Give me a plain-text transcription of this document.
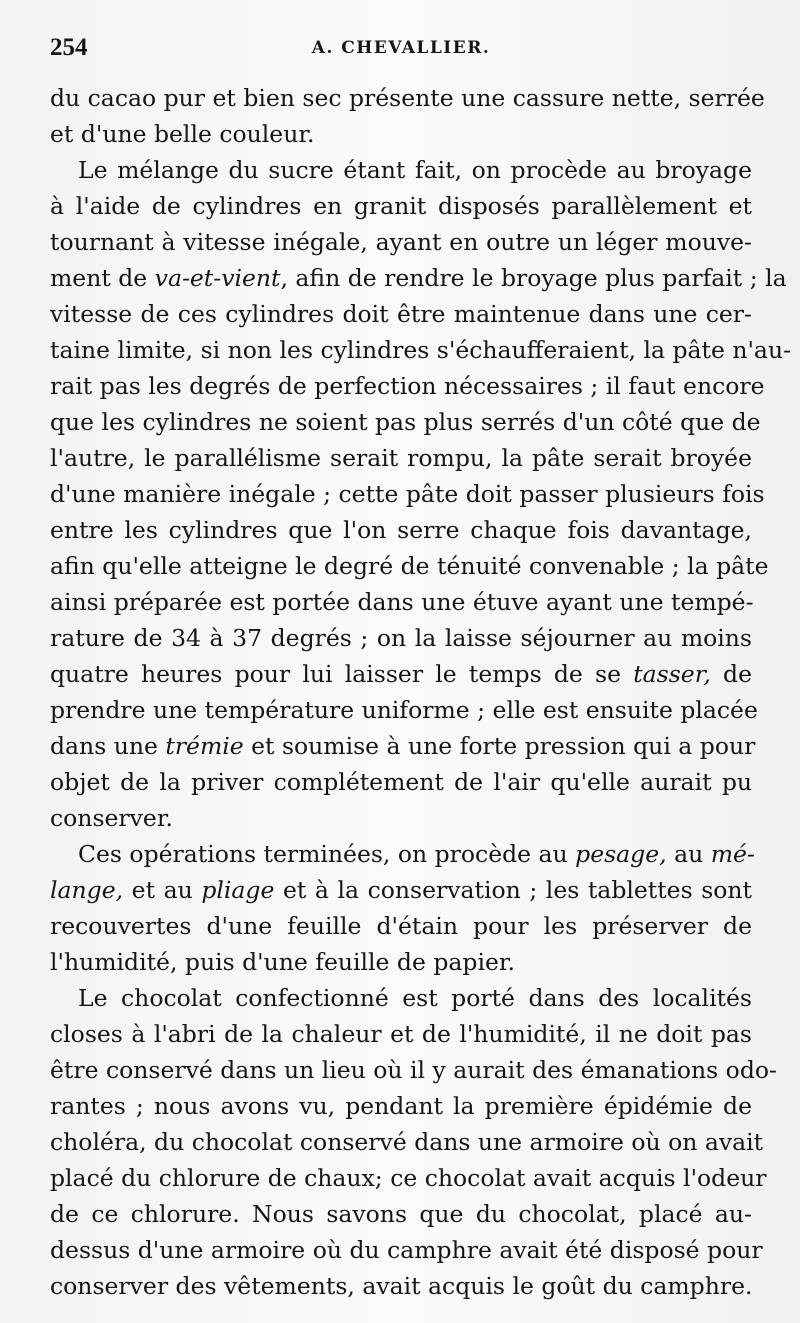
254	A. CHEVALLIER.
du cacao pur et bien sec présente une cassure nette, serrée
et d'une belle couleur.
Le mélange du sucre étant fait, on procède au broyage
à l'aide de cylindres en granit disposés parallèlement et
tournant à vitesse inégale, ayant en outre un léger mouve-
ment de va-et-vient, afin de rendre le broyage plus parfait ; la
vitesse de ces cylindres doit être maintenue dans une cer-
taine limite, si non les cylindres s'échaufferaient, la pâte n'au-
rait pas les degrés de perfection nécessaires ; il faut encore
que les cylindres ne soient pas plus serrés d'un côté que de
l'autre, le parallélisme serait rompu, la pâte serait broyée
d'une manière inégale ; cette pâte doit passer plusieurs fois
entre les cylindres que l'on serre chaque fois davantage,
afin qu'elle atteigne le degré de ténuité convenable ; la pâte
ainsi préparée est portée dans une étuve ayant une tempé-
rature de 34 à 37 degrés ; on la laisse séjourner au moins
quatre heures pour lui laisser le temps de se tasser, de
prendre une température uniforme ; elle est ensuite placée
dans une trémie et soumise à une forte pression qui a pour
objet de la priver complétement de l'air qu'elle aurait pu
conserver.
Ces opérations terminées, on procède au pesage, au mé-
lange, et au pliage et à la conservation ; les tablettes sont
recouvertes d'une feuille d'étain pour les préserver de
l'humidité, puis d'une feuille de papier.
Le chocolat confectionné est porté dans des localités
closes à l'abri de la chaleur et de l'humidité, il ne doit pas
être conservé dans un lieu où il y aurait des émanations odo-
rantes ; nous avons vu, pendant la première épidémie de
choléra, du chocolat conservé dans une armoire où on avait
placé du chlorure de chaux; ce chocolat avait acquis l'odeur
de ce chlorure. Nous savons que du chocolat, placé au-
dessus d'une armoire où du camphre avait été disposé pour
conserver des vêtements, avait acquis le goût du camphre.
